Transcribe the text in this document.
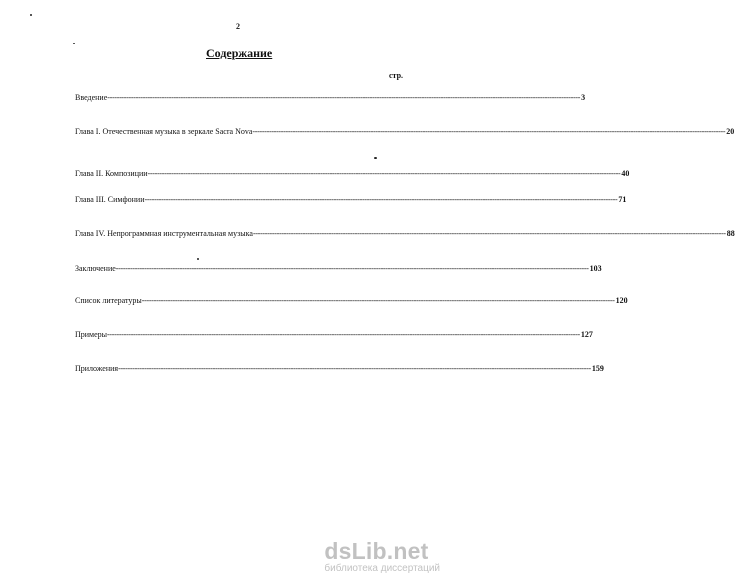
2
Содержание
стр.
Введение -------------------------------------------------------------------------------------------------------------------------------------------------------------------------------------------------------- 3
Глава I. Отечественная музыка в зеркале Sacra Nova -------------------------------------------------------------------------------------------------------------------------------------------------------------------------------------------------------- 20
Глава II. Композиции -------------------------------------------------------------------------------------------------------------------------------------------------------------------------------------------------------- 40
Глава III. Симфонии -------------------------------------------------------------------------------------------------------------------------------------------------------------------------------------------------------- 71
Глава IV. Непрограммная инструментальная музыка -------------------------------------------------------------------------------------------------------------------------------------------------------------------------------------------------------- 88
Заключение -------------------------------------------------------------------------------------------------------------------------------------------------------------------------------------------------------- 103
Список литературы -------------------------------------------------------------------------------------------------------------------------------------------------------------------------------------------------------- 120
Примеры -------------------------------------------------------------------------------------------------------------------------------------------------------------------------------------------------------- 127
Приложения -------------------------------------------------------------------------------------------------------------------------------------------------------------------------------------------------------- 159
dsLib.net
библиотека диссертаций
